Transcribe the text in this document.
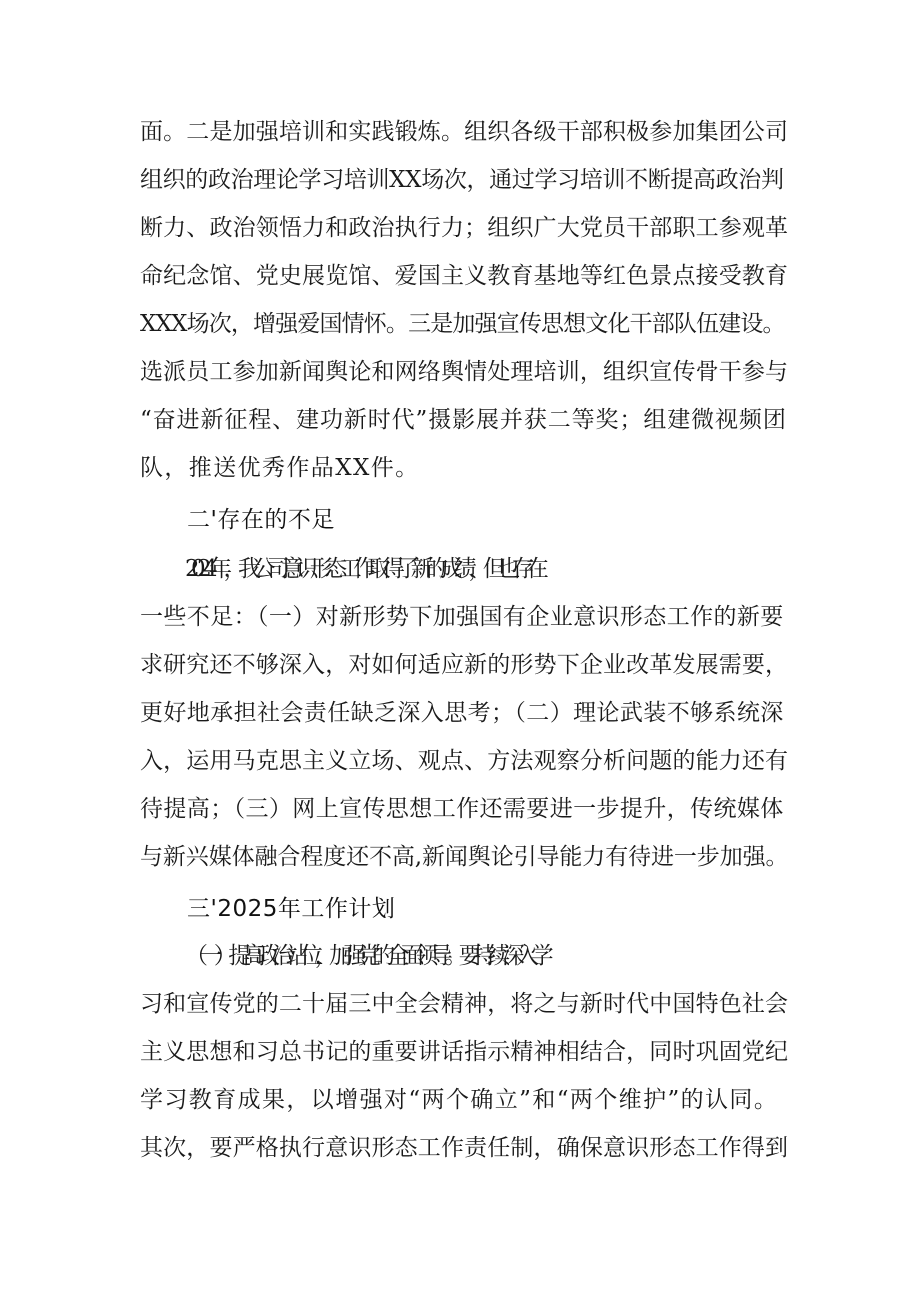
面。二是加强培训和实践锻炼。组织各级干部积极参加集团公司
组织的政治理论学习培训XX场次，通过学习培训不断提高政治判
断力、政治领悟力和政治执行力；组织广大党员干部职工参观革
命纪念馆、党史展览馆、爱国主义教育基地等红色景点接受教育
XXX场次，增强爱国情怀。三是加强宣传思想文化干部队伍建设。
选派员工参加新闻舆论和网络舆情处理培训，组织宣传骨干参与
“奋进新征程、建功新时代”摄影展并获二等奖；组建微视频团
队，推送优秀作品XX件。
二'存在的不足
2024年，我公司意识形态工作取得了新的成绩，但也存在
一些不足：（一）对新形势下加强国有企业意识形态工作的新要
求研究还不够深入，对如何适应新的形势下企业改革发展需要，
更好地承担社会责任缺乏深入思考；（二）理论武装不够系统深
入，运用马克思主义立场、观点、方法观察分析问题的能力还有
待提高；（三）网上宣传思想工作还需要进一步提升，传统媒体
与新兴媒体融合程度还不高,新闻舆论引导能力有待进一步加强。
三'2025年工作计划
（一）提高政治站位，加强党的全面领导。要持续深入学
习和宣传党的二十届三中全会精神，将之与新时代中国特色社会
主义思想和习总书记的重要讲话指示精神相结合，同时巩固党纪
学习教育成果，以增强对“两个确立”和“两个维护”的认同。
其次，要严格执行意识形态工作责任制，确保意识形态工作得到
